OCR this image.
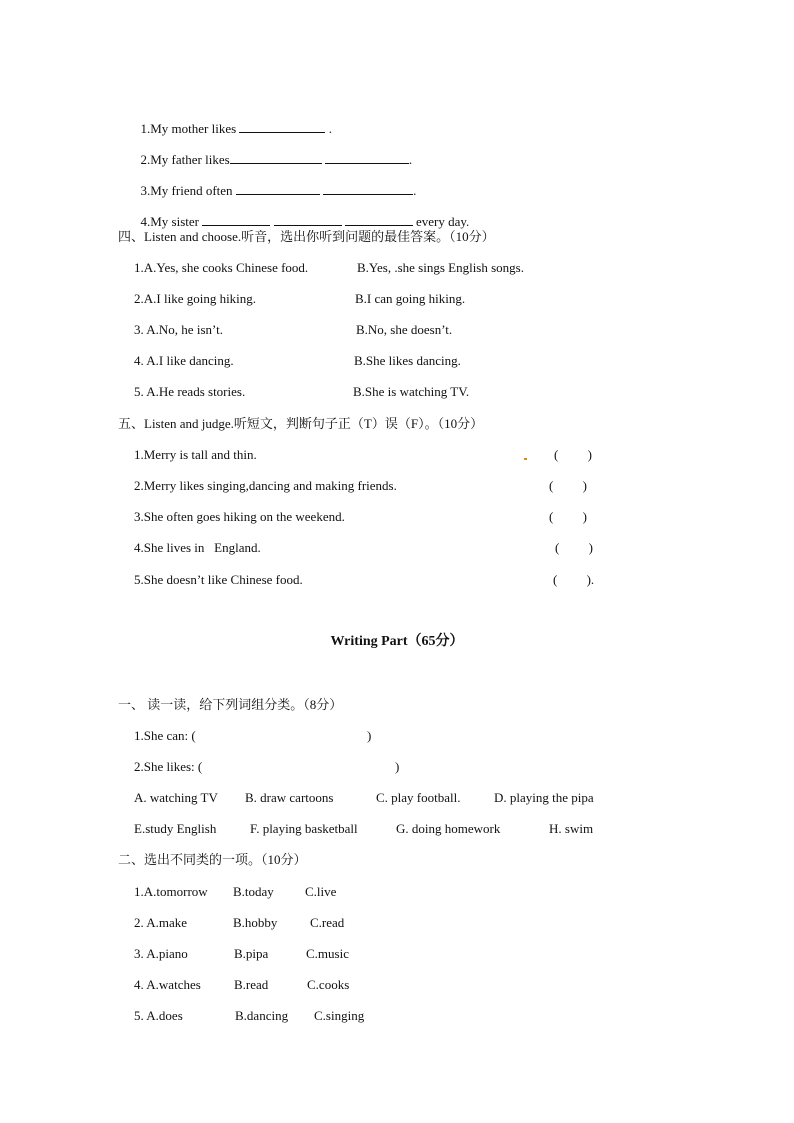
1.My mother likes	.

2.My father likes	.

3.My friend often	.

4.My sister	every day.

四、Listen and choose.听音，选出你听到问题的最佳答案。（10分）
1.A.Yes, she cooks Chinese food.	B.Yes, .she sings English songs.
2.A.I like going hiking.	B.I can going hiking.
3. A.No, he isn’t.	B.No, she doesn’t.
4. A.I like dancing.	B.She likes dancing.
5. A.He reads stories.	B.She is watching TV.
五、Listen and judge.听短文，判断句子正（T）误（F）。（10分）
1.Merry is tall and thin.	(         )
2.Merry likes singing,dancing and making friends.	(         )
3.She often goes hiking on the weekend.	(         )
4.She lives in   England.	(         )
5.She doesn’t like Chinese food.	(         ).
Writing Part（65分）
一、 读一读，给下列词组分类。（8分）
1.She can: (	)
2.She likes: (	)
A. watching TV B. draw cartoons	C. play football.	D. playing the pipa
E.study English	F. playing basketball	G. doing homework	H. swim
二、选出不同类的一项。（10分）
1.A.tomorrow B.today C.live
2. A.make	B.hobby	C.read
3. A.piano	B.pipa	C.music
4. A.watches	B.read	C.cooks
5. A.does	B.dancing C.singing
